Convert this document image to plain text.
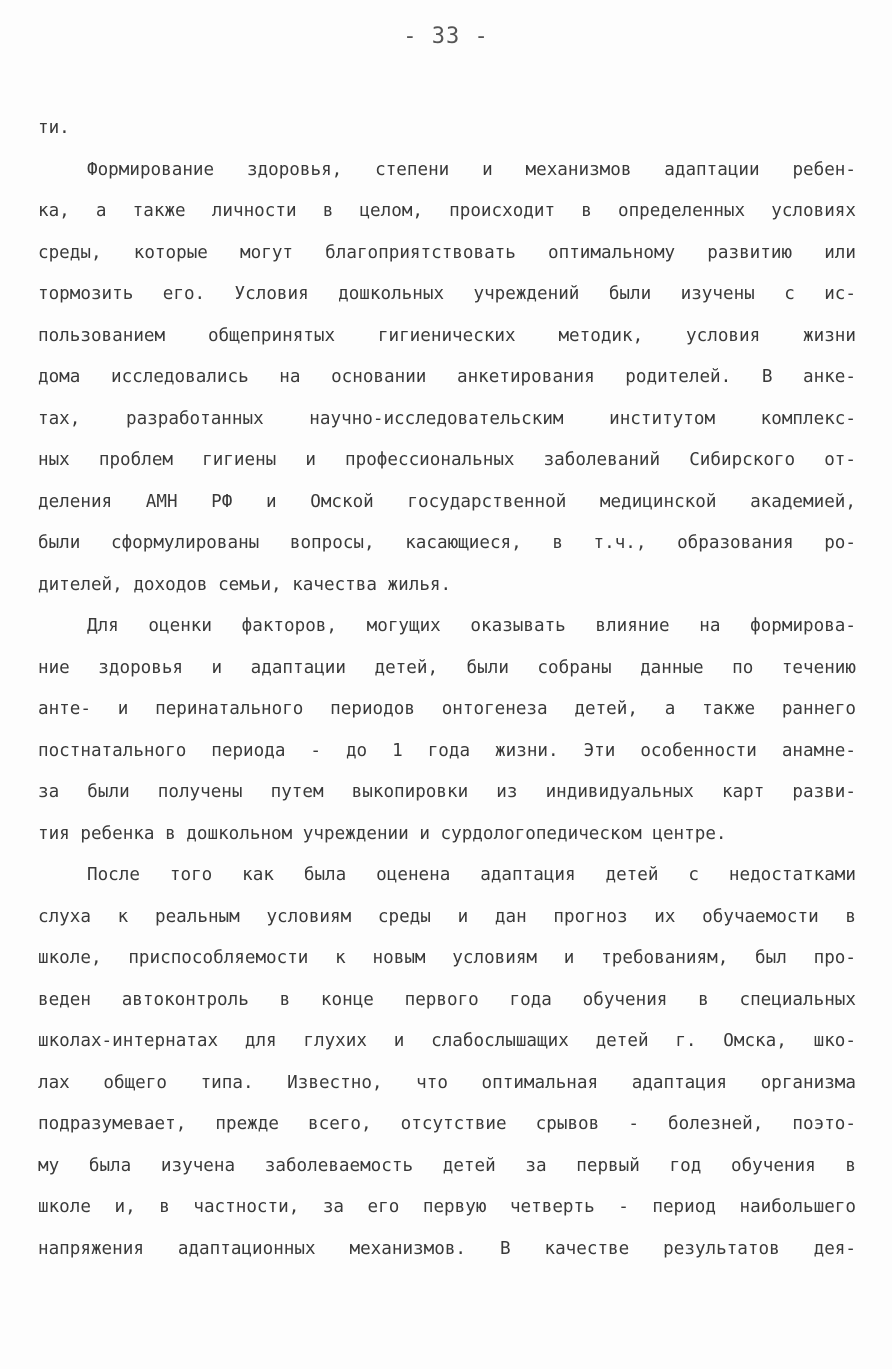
- 33 -
ти.
Формирование здоровья, степени и механизмов адаптации ребен-
ка, а также личности в целом, происходит в определенных условиях
среды, которые могут благоприятствовать оптимальному развитию или
тормозить его. Условия дошкольных учреждений были изучены с ис-
пользованием общепринятых гигиенических методик, условия жизни
дома исследовались на основании анкетирования родителей. В анке-
тах, разработанных научно-исследовательским институтом комплекс-
ных проблем гигиены и профессиональных заболеваний Сибирского от-
деления АМН РФ и Омской государственной медицинской академией,
были сформулированы вопросы, касающиеся, в т.ч., образования ро-
дителей, доходов семьи, качества жилья.
Для оценки факторов, могущих оказывать влияние на формирова-
ние здоровья и адаптации детей, были собраны данные по течению
анте- и перинатального периодов онтогенеза детей, а также раннего
постнатального периода - до 1 года жизни. Эти особенности анамне-
за были получены путем выкопировки из индивидуальных карт разви-
тия ребенка в дошкольном учреждении и сурдологопедическом центре.
После того как была оценена адаптация детей с недостатками
слуха к реальным условиям среды и дан прогноз их обучаемости в
школе, приспособляемости к новым условиям и требованиям, был про-
веден автоконтроль в конце первого года обучения в специальных
школах-интернатах для глухих и слабослышащих детей г. Омска, шко-
лах общего типа. Известно, что оптимальная адаптация организма
подразумевает, прежде всего, отсутствие срывов - болезней, поэто-
му была изучена заболеваемость детей за первый год обучения в
школе и, в частности, за его первую четверть - период наибольшего
напряжения адаптационных механизмов. В качестве результатов дея-
